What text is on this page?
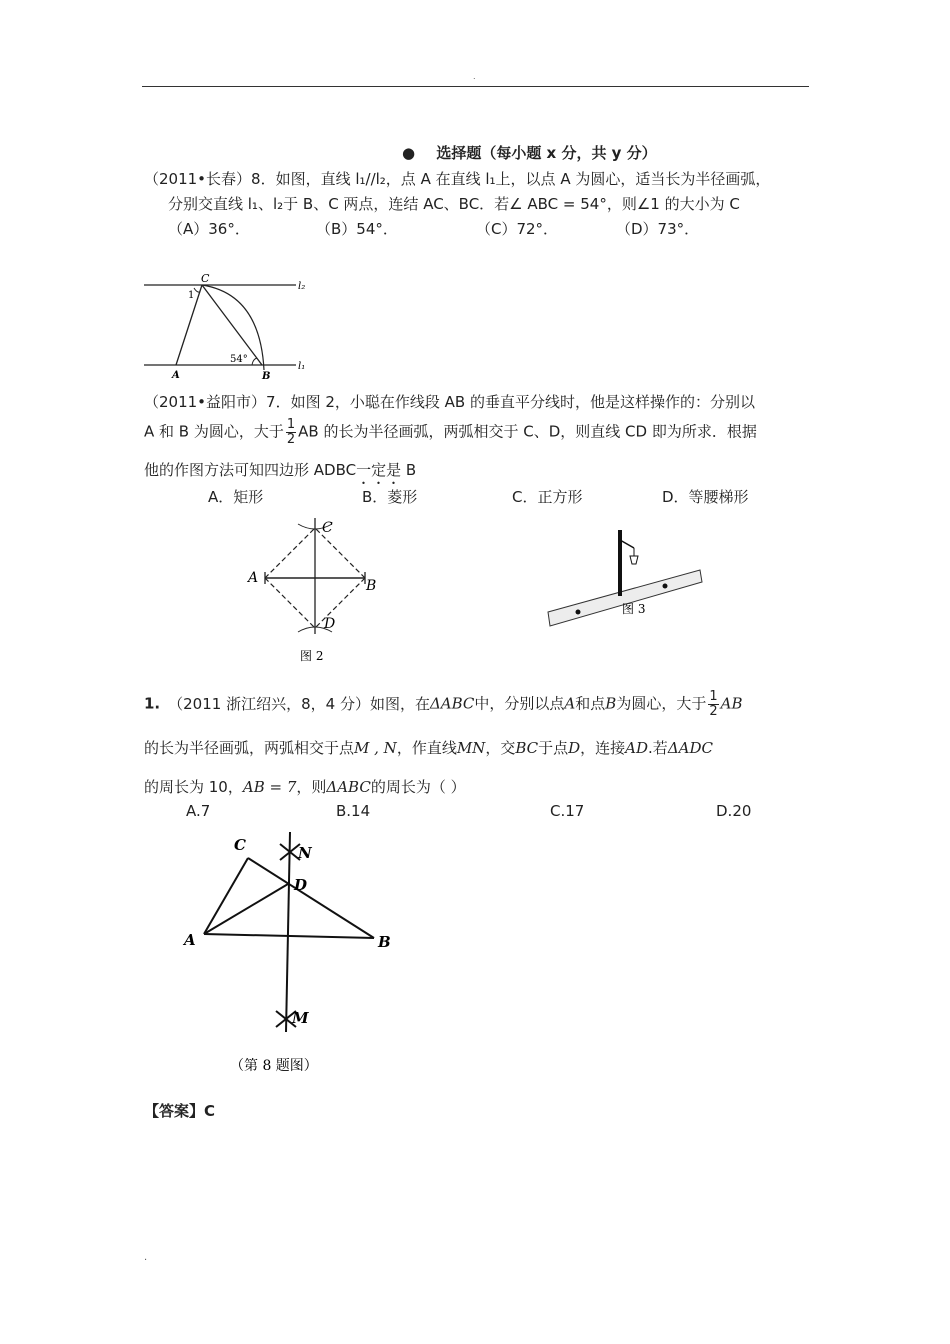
.
● 选择题（每小题 x 分，共 y 分）
（2011•长春）8．如图，直线 l₁//l₂，点 A 在直线 l₁上，以点 A 为圆心，适当长为半径画弧，
分别交直线 l₁、l₂于 B、C 两点，连结 AC、BC．若∠ ABC = 54°，则∠1 的大小为 C
（A）36°．	（B）54°．	（C）72°．	（D）73°．
C
1
54°
A	B
l₂
l₁
（2011•益阳市）7．如图 2，小聪在作线段 AB 的垂直平分线时，他是这样操作的：分别以
A 和 B 为圆心，大于 $\frac{1}{2}$ AB 的长为半径画弧，两弧相交于 C、D，则直线 CD 即为所求．根据
他的作图方法可知四边形 ADBC一定是 B
A．矩形	B．菱形	C．正方形	D．等腰梯形
C
A	B
D
图 2
图 3
1. （2011 浙江绍兴，8，4 分）如图，在ΔABC中，分别以点A和点B为圆心，大于 $\frac{1}{2}$ AB
的长为半径画弧，两弧相交于点M , N，作直线MN，交BC于点D，连接AD.若ΔADC
的周长为 10，AB = 7，则ΔABC的周长为（ ）
A.7	B.14	C.17	D.20
C	N
D
A	B
M
（第 8 题图）
【答案】C
.
